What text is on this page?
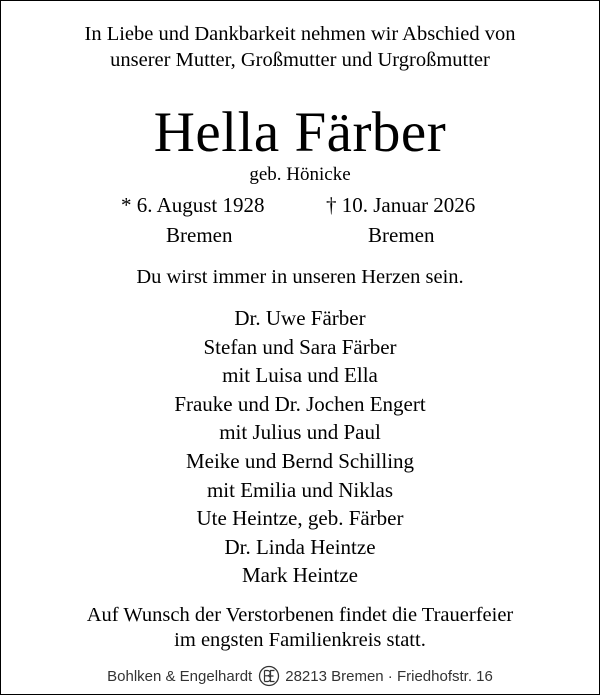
In Liebe und Dankbarkeit nehmen wir Abschied von
unserer Mutter, Großmutter und Urgroßmutter
Hella Färber
geb. Hönicke
* 6. August 1928	† 10. Januar 2026
Bremen	Bremen
Du wirst immer in unseren Herzen sein.
Dr. Uwe Färber
Stefan und Sara Färber
mit Luisa und Ella
Frauke und Dr. Jochen Engert
mit Julius und Paul
Meike und Bernd Schilling
mit Emilia und Niklas
Ute Heintze, geb. Färber
Dr. Linda Heintze
Mark Heintze
Auf Wunsch der Verstorbenen findet die Trauerfeier
im engsten Familienkreis statt.
Bohlken & Engelhardt 28213 Bremen · Friedhofstr. 16
